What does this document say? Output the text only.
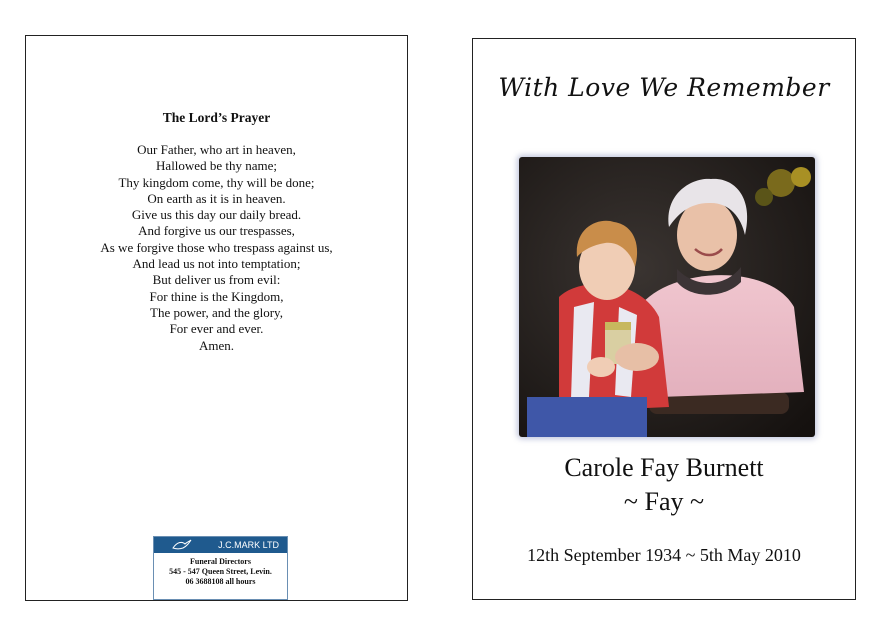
The Lord’s Prayer
Our Father, who art in heaven,
Hallowed be thy name;
Thy kingdom come, thy will be done;
On earth as it is in heaven.
Give us this day our daily bread.
And forgive us our trespasses,
As we forgive those who trespass against us,
And lead us not into temptation;
But deliver us from evil:
For thine is the Kingdom,
The power, and the glory,
For ever and ever.
Amen.
J.C.MARK LTD
Funeral Directors
545 - 547 Queen Street, Levin.
06 3688108 all hours
With Love We Remember
Carole Fay Burnett
~ Fay ~
12th September 1934 ~ 5th May 2010
